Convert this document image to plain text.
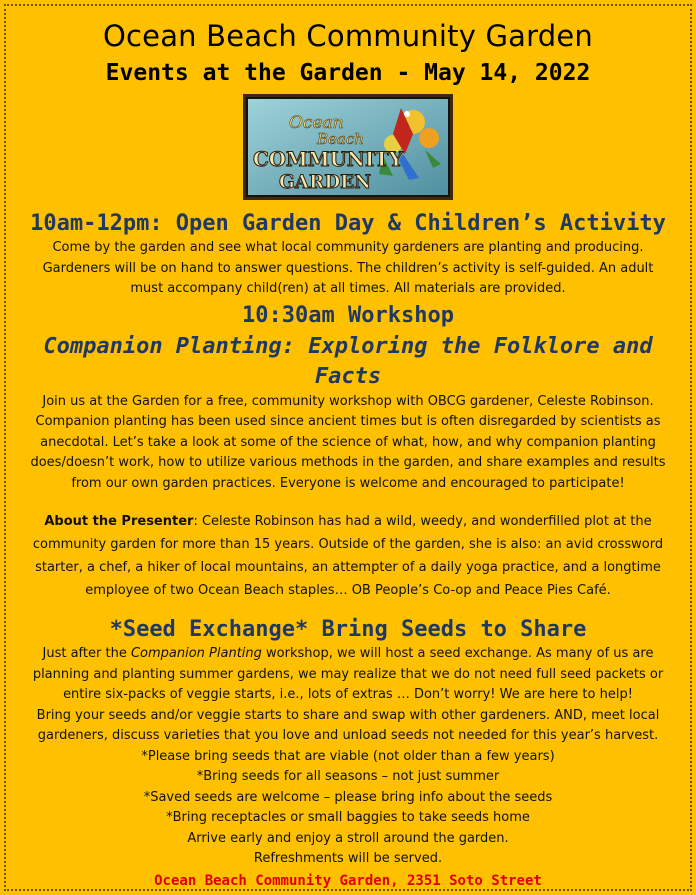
Ocean Beach Community Garden
Events at the Garden - May 14, 2022
Ocean
Beach
COMMUNITY
GARDEN
10am-12pm: Open Garden Day & Children’s Activity

Come by the garden and see what local community gardeners are planting and producing.

Gardeners will be on hand to answer questions. The children’s activity is self-guided. An adult

must accompany child(ren) at all times. All materials are provided.

10:30am Workshop
Companion Planting: Exploring the Folklore and Facts

Join us at the Garden for a free, community workshop with OBCG gardener, Celeste Robinson.

Companion planting has been used since ancient times but is often disregarded by scientists as

anecdotal. Let’s take a look at some of the science of what, how, and why companion planting

does/doesn’t work, how to utilize various methods in the garden, and share examples and results

from our own garden practices. Everyone is welcome and encouraged to participate!

About the Presenter: Celeste Robinson has had a wild, weedy, and wonderfilled plot at the

community garden for more than 15 years. Outside of the garden, she is also: an avid crossword

starter, a chef, a hiker of local mountains, an attempter of a daily yoga practice, and a longtime

employee of two Ocean Beach staples… OB People’s Co-op and Peace Pies Café.

*Seed Exchange* Bring Seeds to Share

Just after the Companion Planting workshop, we will host a seed exchange. As many of us are

planning and planting summer gardens, we may realize that we do not need full seed packets or

entire six-packs of veggie starts, i.e., lots of extras … Don’t worry! We are here to help!

Bring your seeds and/or veggie starts to share and swap with other gardeners. AND, meet local

gardeners, discuss varieties that you love and unload seeds not needed for this year’s harvest.

*Please bring seeds that are viable (not older than a few years)

*Bring seeds for all seasons – not just summer

*Saved seeds are welcome – please bring info about the seeds

*Bring receptacles or small baggies to take seeds home

Arrive early and enjoy a stroll around the garden.

Refreshments will be served.

Ocean Beach Community Garden, 2351 Soto Street
